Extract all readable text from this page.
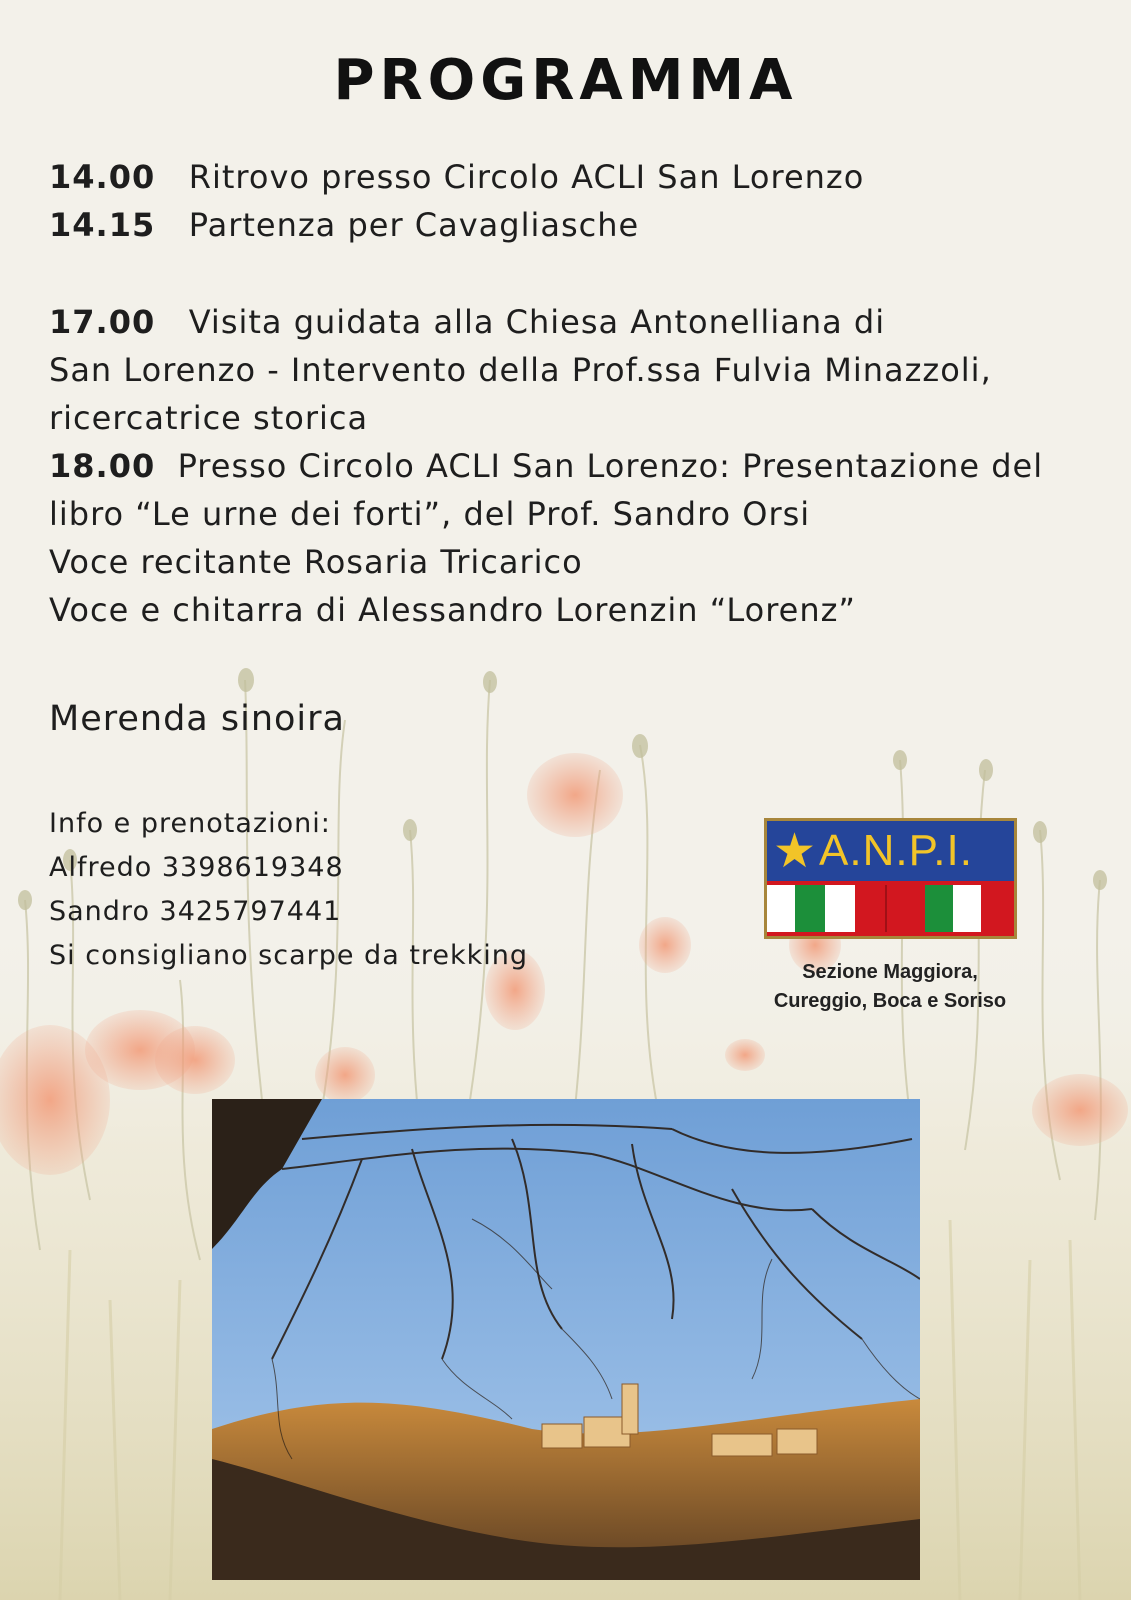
PROGRAMMA
14.00 Ritrovo presso Circolo ACLI San Lorenzo
14.15 Partenza per Cavagliasche
17.00 Visita guidata alla Chiesa Antonelliana di
San Lorenzo - Intervento della Prof.ssa Fulvia Minazzoli,
ricercatrice storica
18.00 Presso Circolo ACLI San Lorenzo: Presentazione del
libro “Le urne dei forti”, del Prof. Sandro Orsi
Voce recitante Rosaria Tricarico
Voce e chitarra di Alessandro Lorenzin “Lorenz”
Merenda sinoira
Info e prenotazioni:
Alfredo 3398619348
Sandro 3425797441
Si consigliano scarpe da trekking
★ A.N.P.I.
Sezione Maggiora,
Cureggio, Boca e Soriso
